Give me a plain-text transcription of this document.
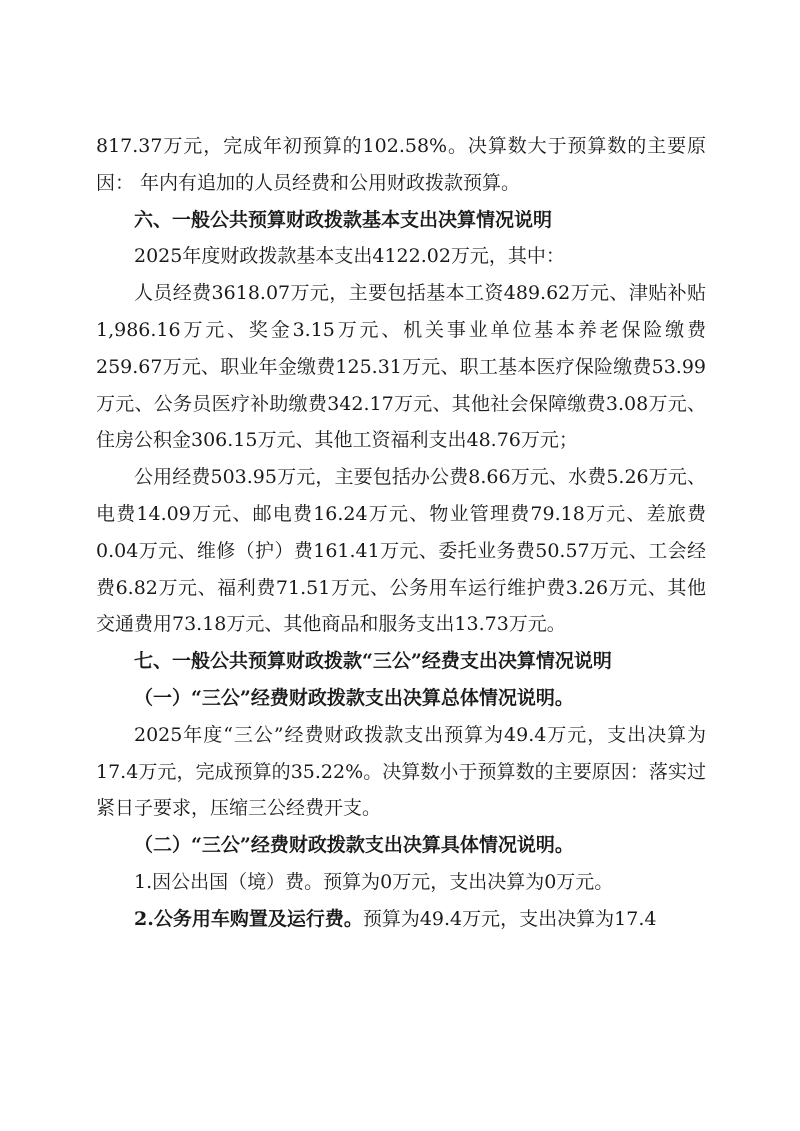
817.37万元，完成年初预算的102.58%。决算数大于预算数的主要原因： 年内有追加的人员经费和公用财政拨款预算。

六、一般公共预算财政拨款基本支出决算情况说明

2025年度财政拨款基本支出4122.02万元，其中：

人员经费3618.07万元，主要包括基本工资489.62万元、津贴补贴1,986.16万元、奖金3.15万元、机关事业单位基本养老保险缴费259.67万元、职业年金缴费125.31万元、职工基本医疗保险缴费53.99万元、公务员医疗补助缴费342.17万元、其他社会保障缴费3.08万元、住房公积金306.15万元、其他工资福利支出48.76万元；

公用经费503.95万元，主要包括办公费8.66万元、水费5.26万元、电费14.09万元、邮电费16.24万元、物业管理费79.18万元、差旅费0.04万元、维修（护）费161.41万元、委托业务费50.57万元、工会经费6.82万元、福利费71.51万元、公务用车运行维护费3.26万元、其他交通费用73.18万元、其他商品和服务支出13.73万元。

七、一般公共预算财政拨款“三公”经费支出决算情况说明

（一）“三公”经费财政拨款支出决算总体情况说明。

2025年度“三公”经费财政拨款支出预算为49.4万元，支出决算为17.4万元，完成预算的35.22%。决算数小于预算数的主要原因：落实过紧日子要求，压缩三公经费开支。

（二）“三公”经费财政拨款支出决算具体情况说明。

1.因公出国（境）费。预算为0万元，支出决算为0万元。

2.公务用车购置及运行费。预算为49.4万元，支出决算为17.4
